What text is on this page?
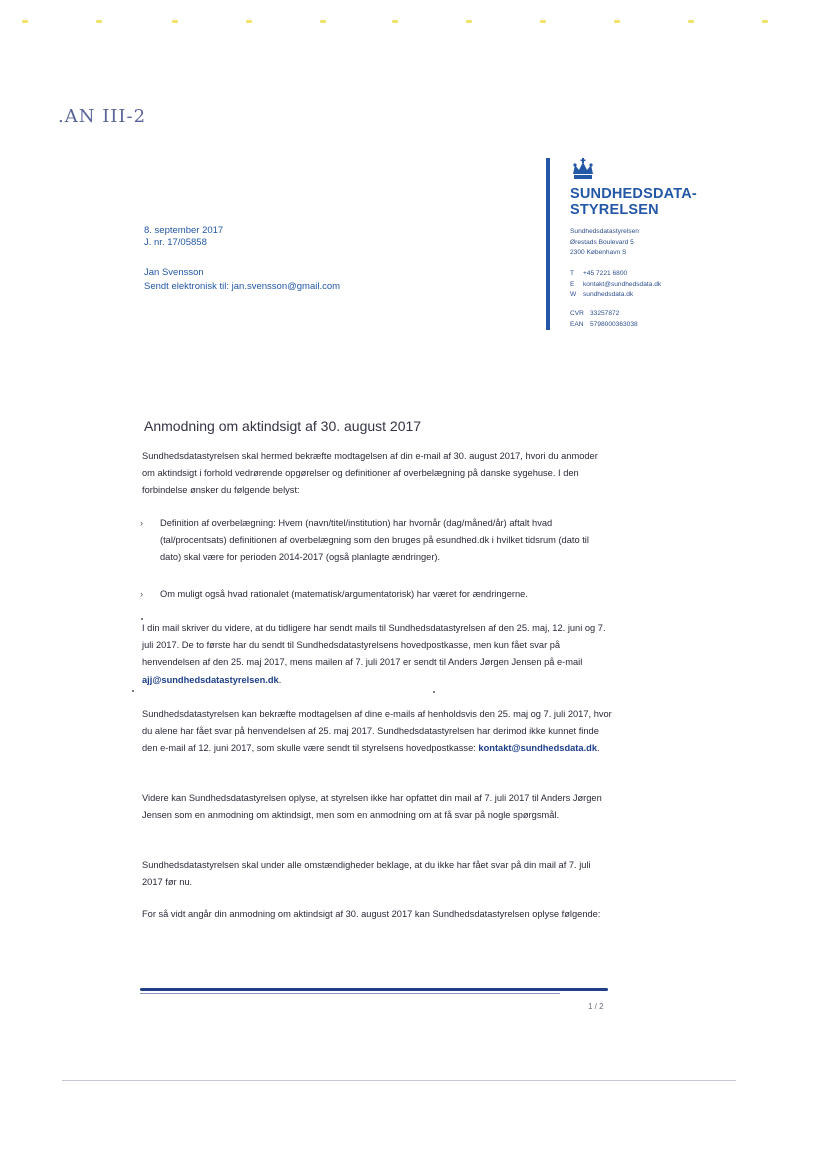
.AN III-2
SUNDHEDSDATA-
STYRELSEN
Sundhedsdatastyrelsen
Ørestads Boulevard 5
2300 København S
T +45 7221 6800
E kontakt@sundhedsdata.dk
W sundhedsdata.dk
CVR 33257872
EAN 5798000363038
8. september 2017
J. nr. 17/05858
Jan Svensson
Sendt elektronisk til: jan.svensson@gmail.com
Anmodning om aktindsigt af 30. august 2017
Sundhedsdatastyrelsen skal hermed bekræfte modtagelsen af din e-mail af 30. august 2017, hvori du anmoder om aktindsigt i forhold vedrørende opgørelser og definitioner af overbelægning på danske sygehuse. I den forbindelse ønsker du følgende belyst:
› Definition af overbelægning: Hvem (navn/titel/institution) har hvornår (dag/måned/år) aftalt hvad (tal/procentsats) definitionen af overbelægning som den bruges på esundhed.dk i hvilket tidsrum (dato til dato) skal være for perioden 2014-2017 (også planlagte ændringer).
› Om muligt også hvad rationalet (matematisk/argumentatorisk) har været for ændringerne.
I din mail skriver du videre, at du tidligere har sendt mails til Sundhedsdatastyrelsen af den 25. maj, 12. juni og 7. juli 2017. De to første har du sendt til Sundhedsdatastyrelsens hovedpostkasse, men kun fået svar på henvendelsen af den 25. maj 2017, mens mailen af 7. juli 2017 er sendt til Anders Jørgen Jensen på e-mail ajj@sundhedsdatastyrelsen.dk.
Sundhedsdatastyrelsen kan bekræfte modtagelsen af dine e-mails af henholdsvis den 25. maj og 7. juli 2017, hvor du alene har fået svar på henvendelsen af 25. maj 2017. Sundhedsdatastyrelsen har derimod ikke kunnet finde den e-mail af 12. juni 2017, som skulle være sendt til styrelsens hovedpostkasse: kontakt@sundhedsdata.dk.
Videre kan Sundhedsdatastyrelsen oplyse, at styrelsen ikke har opfattet din mail af 7. juli 2017 til Anders Jørgen Jensen som en anmodning om aktindsigt, men som en anmodning om at få svar på nogle spørgsmål.
Sundhedsdatastyrelsen skal under alle omstændigheder beklage, at du ikke har fået svar på din mail af 7. juli 2017 før nu.
For så vidt angår din anmodning om aktindsigt af 30. august 2017 kan Sundhedsdatastyrelsen oplyse følgende:
1 / 2
